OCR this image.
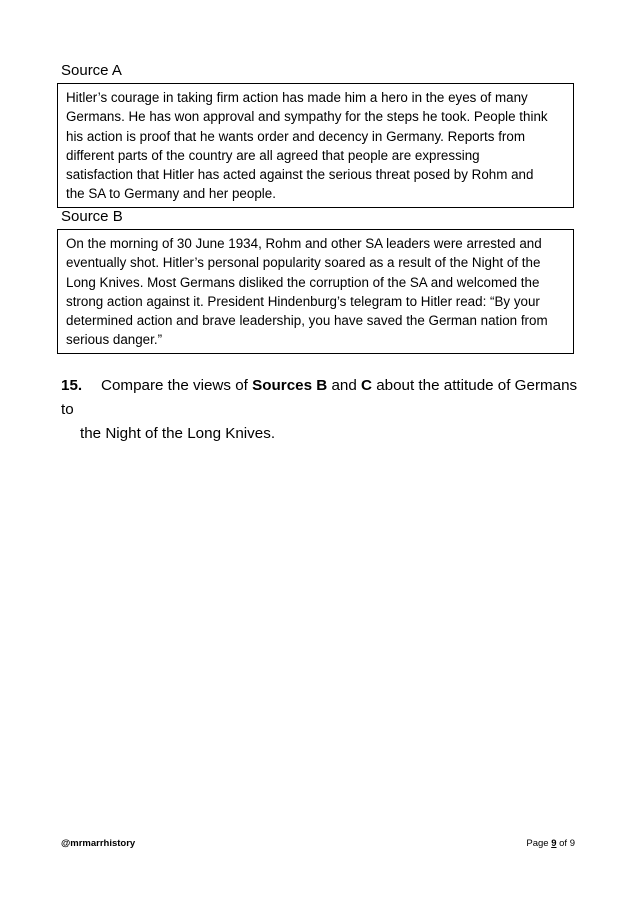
Source A
Hitler’s courage in taking firm action has made him a hero in the eyes of many
Germans. He has won approval and sympathy for the steps he took. People think
his action is proof that he wants order and decency in Germany. Reports from
different parts of the country are all agreed that people are expressing
satisfaction that Hitler has acted against the serious threat posed by Rohm and
the SA to Germany and her people.
Source B
On the morning of 30 June 1934, Rohm and other SA leaders were arrested and
eventually shot. Hitler’s personal popularity soared as a result of the Night of the
Long Knives. Most Germans disliked the corruption of the SA and welcomed the
strong action against it. President Hindenburg’s telegram to Hitler read: “By your
determined action and brave leadership, you have saved the German nation from
serious danger.”
15. Compare the views of Sources B and C about the attitude of Germans to
the Night of the Long Knives.
@mrmarrhistory	Page 9 of 9
